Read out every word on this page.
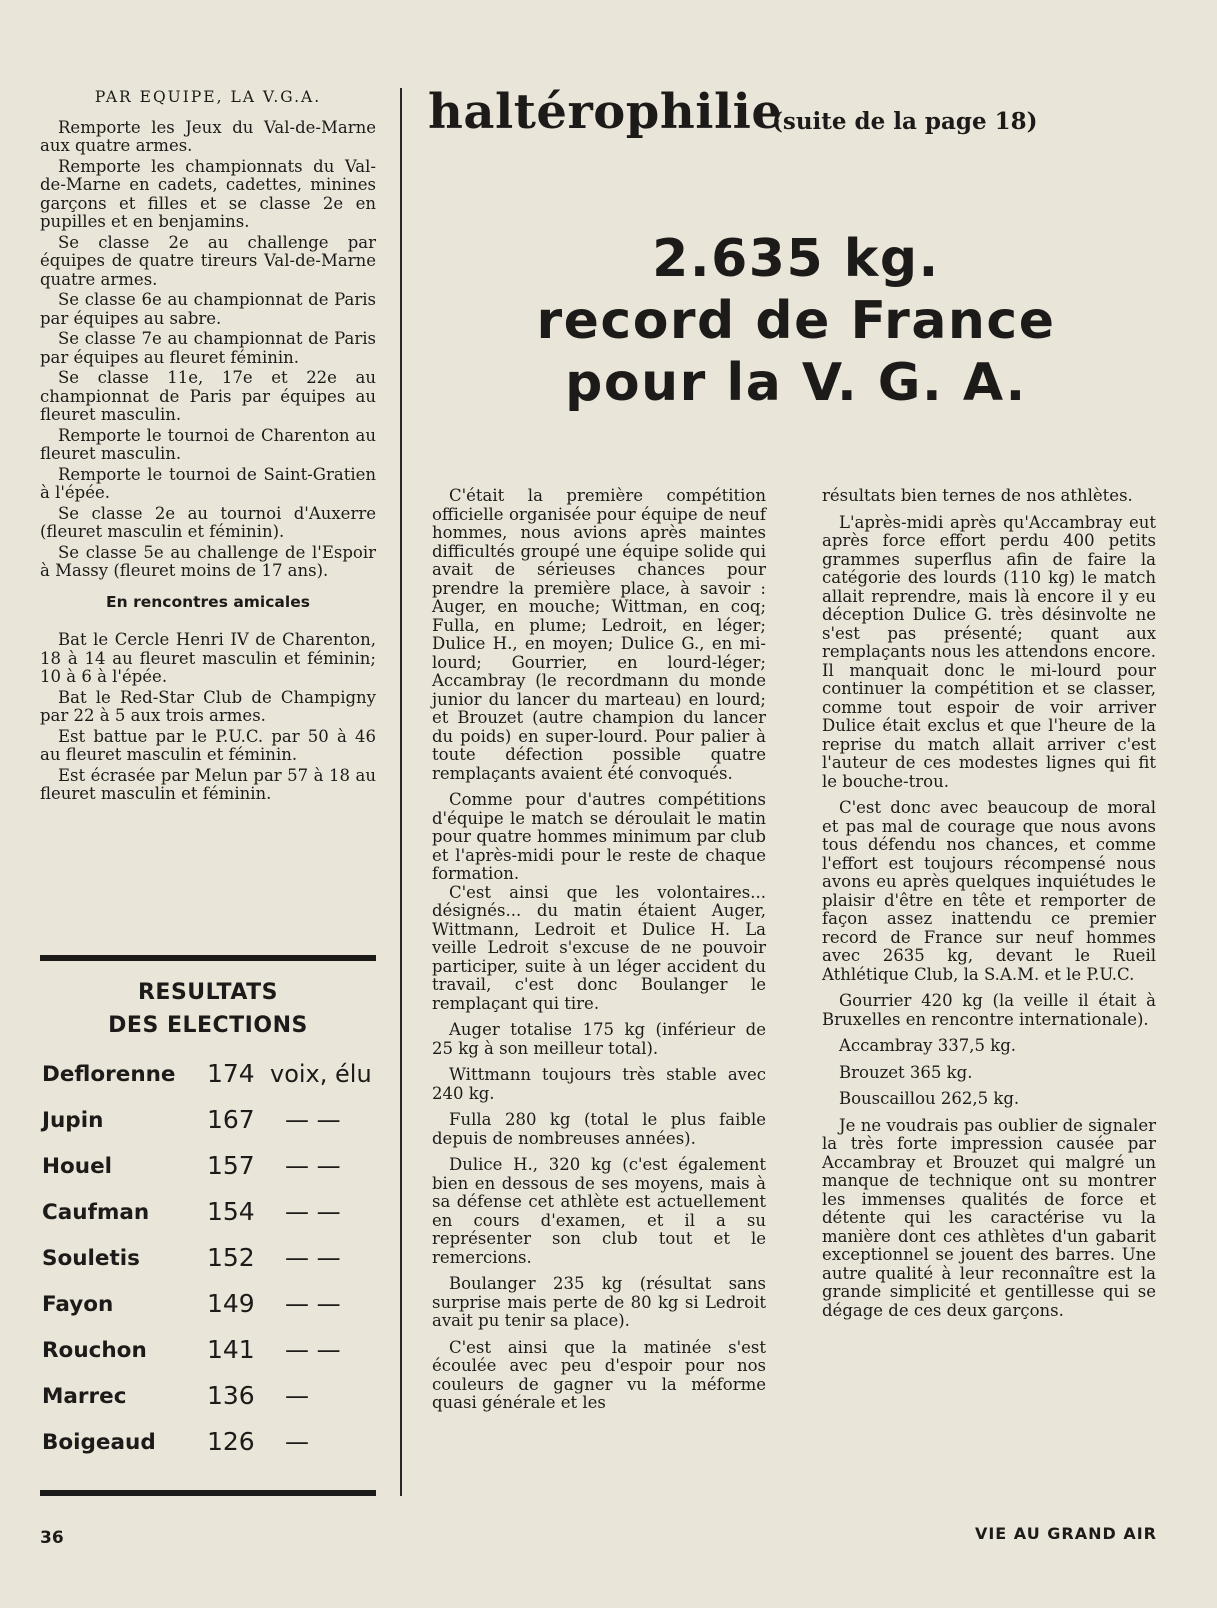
PAR EQUIPE, LA V.G.A.

Remporte les Jeux du Val-de-Marne aux quatre armes.

Remporte les championnats du Val-de-Marne en cadets, cadettes, minines garçons et filles et se classe 2e en pupilles et en benjamins.

Se classe 2e au challenge par équipes de quatre tireurs Val-de-Marne quatre armes.

Se classe 6e au championnat de Paris par équipes au sabre.

Se classe 7e au championnat de Paris par équipes au fleuret féminin.

Se classe 11e, 17e et 22e au championnat de Paris par équipes au fleuret masculin.

Remporte le tournoi de Charenton au fleuret masculin.

Remporte le tournoi de Saint-Gratien à l'épée.

Se classe 2e au tournoi d'Auxerre (fleuret masculin et féminin).

Se classe 5e au challenge de l'Espoir à Massy (fleuret moins de 17 ans).

En rencontres amicales

Bat le Cercle Henri IV de Charenton, 18 à 14 au fleuret masculin et féminin; 10 à 6 à l'épée.

Bat le Red-Star Club de Champigny par 22 à 5 aux trois armes.

Est battue par le P.U.C. par 50 à 46 au fleuret masculin et féminin.

Est écrasée par Melun par 57 à 18 au fleuret masculin et féminin.

RESULTATS
DES ELECTIONS
Deflorenne 174 voix, élu
Jupin	167 — —
Houel	157 — —
Caufman 154 — —
Souletis	152 — —
Fayon	149 — —
Rouchon 141 — —
Marrec	136 —
Boigeaud 126 —
haltérophilie
(suite de la page 18)
2.635 kg.
record de France
pour la V. G. A.

C'était la première compétition officielle organisée pour équipe de neuf hommes, nous avions après maintes difficultés groupé une équipe solide qui avait de sérieuses chances pour prendre la première place, à savoir : Auger, en mouche; Wittman, en coq; Fulla, en plume; Ledroit, en léger; Dulice H., en moyen; Dulice G., en mi-lourd; Gourrier, en lourd-léger; Accambray (le recordmann du monde junior du lancer du marteau) en lourd; et Brouzet (autre champion du lancer du poids) en super-lourd. Pour palier à toute défection possible quatre remplaçants avaient été convoqués.

Comme pour d'autres compétitions d'équipe le match se déroulait le matin pour quatre hommes minimum par club et l'après-midi pour le reste de chaque formation.

C'est ainsi que les volontaires... désignés... du matin étaient Auger, Wittmann, Ledroit et Dulice H. La veille Ledroit s'excuse de ne pouvoir participer, suite à un léger accident du travail, c'est donc Boulanger le remplaçant qui tire.

Auger totalise 175 kg (inférieur de 25 kg à son meilleur total).

Wittmann toujours très stable avec 240 kg.

Fulla 280 kg (total le plus faible depuis de nombreuses années).

Dulice H., 320 kg (c'est également bien en dessous de ses moyens, mais à sa défense cet athlète est actuellement en cours d'examen, et il a su représenter son club tout et le remercions.

Boulanger 235 kg (résultat sans surprise mais perte de 80 kg si Ledroit avait pu tenir sa place).

C'est ainsi que la matinée s'est écoulée avec peu d'espoir pour nos couleurs de gagner vu la méforme quasi générale et les

résultats bien ternes de nos athlètes.

L'après-midi après qu'Accambray eut après force effort perdu 400 petits grammes superflus afin de faire la catégorie des lourds (110 kg) le match allait reprendre, mais là encore il y eu déception Dulice G. très désinvolte ne s'est pas présenté; quant aux remplaçants nous les attendons encore. Il manquait donc le mi-lourd pour continuer la compétition et se classer, comme tout espoir de voir arriver Dulice était exclus et que l'heure de la reprise du match allait arriver c'est l'auteur de ces modestes lignes qui fit le bouche-trou.

C'est donc avec beaucoup de moral et pas mal de courage que nous avons tous défendu nos chances, et comme l'effort est toujours récompensé nous avons eu après quelques inquiétudes le plaisir d'être en tête et remporter de façon assez inattendu ce premier record de France sur neuf hommes avec 2635 kg, devant le Rueil Athlétique Club, la S.A.M. et le P.U.C.

Gourrier 420 kg (la veille il était à Bruxelles en rencontre internationale).

Accambray 337,5 kg.

Brouzet 365 kg.

Bouscaillou 262,5 kg.

Je ne voudrais pas oublier de signaler la très forte impression causée par Accambray et Brouzet qui malgré un manque de technique ont su montrer les immenses qualités de force et détente qui les caractérise vu la manière dont ces athlètes d'un gabarit exceptionnel se jouent des barres. Une autre qualité à leur reconnaître est la grande simplicité et gentillesse qui se dégage de ces deux garçons.

36	VIE AU GRAND AIR
